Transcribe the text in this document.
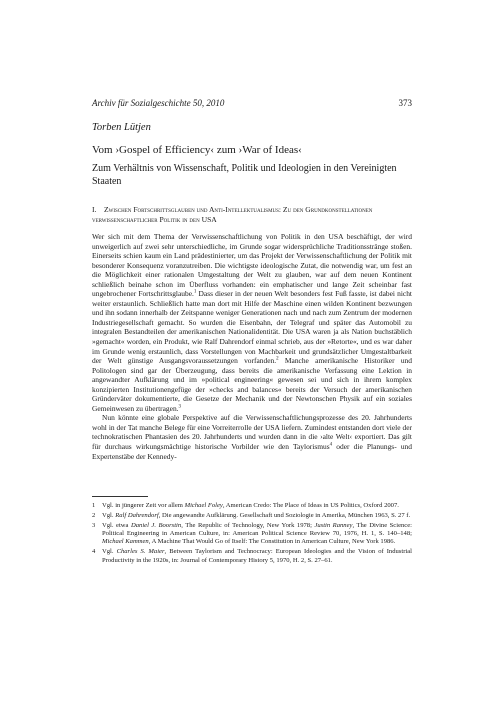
Archiv für Sozialgeschichte 50, 2010	373
Torben Lütjen
Vom ›Gospel of Efficiency‹ zum ›War of Ideas‹
Zum Verhältnis von Wissenschaft, Politik und Ideologien in den Vereinigten Staaten
I. Zwischen Fortschrittsglauben und Anti-Intellektualismus: Zu den Grundkonstellationen verwissenschaftlicher Politik in den USA

Wer sich mit dem Thema der Verwissenschaftlichung von Politik in den USA beschäftigt, der wird unweigerlich auf zwei sehr unterschiedliche, im Grunde sogar widersprüchliche Traditionsstränge stoßen. Einerseits schien kaum ein Land prädestinierter, um das Projekt der Verwissenschaftlichung der Politik mit besonderer Konsequenz voranzutreiben. Die wichtigste ideologische Zutat, die notwendig war, um fest an die Möglichkeit einer rationalen Umgestaltung der Welt zu glauben, war auf dem neuen Kontinent schließlich beinahe schon im Überfluss vorhanden: ein emphatischer und lange Zeit scheinbar fast ungebrochener Fortschrittsglaube.$^1$ Dass dieser in der neuen Welt besonders fest Fuß fasste, ist dabei nicht weiter erstaunlich. Schließlich hatte man dort mit Hilfe der Maschine einen wilden Kontinent bezwungen und ihn sodann innerhalb der Zeitspanne weniger Generationen nach und nach zum Zentrum der modernen Industriegesellschaft gemacht. So wurden die Eisenbahn, der Telegraf und später das Automobil zu integralen Bestandteilen der amerikanischen Nationalidentität. Die USA waren ja als Nation buchstäblich »gemacht« worden, ein Produkt, wie Ralf Dahrendorf einmal schrieb, aus der »Retorte«, und es war daher im Grunde wenig erstaunlich, dass Vorstellungen von Machbarkeit und grundsätzlicher Umgestaltbarkeit der Welt günstige Ausgangsvoraussetzungen vorfanden.$^2$ Manche amerikanische Historiker und Politologen sind gar der Überzeugung, dass bereits die amerikanische Verfassung eine Lektion in angewandter Aufklärung und im »political engineering« gewesen sei und sich in ihrem komplex konzipierten Institutionengefüge der »checks and balances« bereits der Versuch der amerikanischen Gründerväter dokumentierte, die Gesetze der Mechanik und der Newtonschen Physik auf ein soziales Gemeinwesen zu übertragen.$^3$

Nun könnte eine globale Perspektive auf die Verwissenschaftlichungsprozesse des 20. Jahrhunderts wohl in der Tat manche Belege für eine Vorreiterrolle der USA liefern. Zumindest entstanden dort viele der technokratischen Phantasien des 20. Jahrhunderts und wurden dann in die ›alte Welt‹ exportiert. Das gilt für durchaus wirkungsmächtige historische Vorbilder wie den Taylorismus$^4$ oder die Planungs- und Expertenstäbe der Kennedy-

1	Vgl. in jüngerer Zeit vor allem Michael Foley, American Credo: The Place of Ideas in US Politics, Oxford 2007.
2	Vgl. Ralf Dahrendorf, Die angewandte Aufklärung. Gesellschaft und Soziologie in Amerika, München 1963, S. 27 f.
3	Vgl. etwa Daniel J. Boorstin, The Republic of Technology, New York 1978; Justin Ranney, The Divine Science: Political Engineering in American Culture, in: American Political Science Review 70, 1976, H. 1, S. 140–148; Michael Kammen, A Machine That Would Go of Itself: The Constitution in American Culture, New York 1986.
4	Vgl. Charles S. Maier, Between Taylorism and Technocracy: European Ideologies and the Vision of Industrial Productivity in the 1920s, in: Journal of Contemporary History 5, 1970, H. 2, S. 27–61.
